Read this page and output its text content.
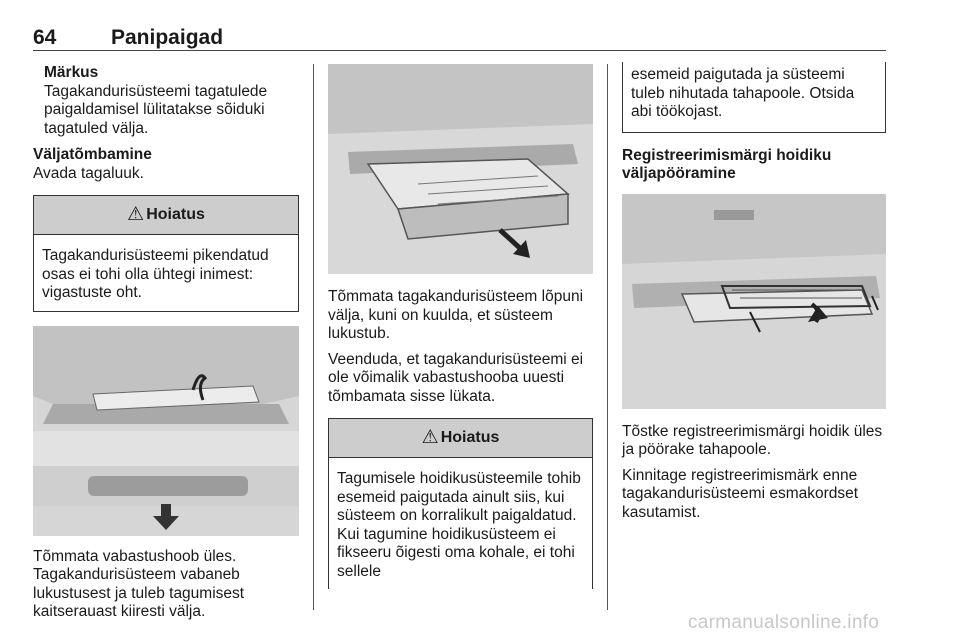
64	Panipaigad
Märkus
Tagakandurisüsteemi tagatulede paigaldamisel lülitatakse sõiduki tagatuled välja.

Väljatõmbamine

Avada tagaluuk.

⚠ Hoiatus
Tagakandurisüsteemi pikendatud osas ei tohi olla ühtegi inimest: vigastuste oht.

Tõmmata vabastushoob üles. Tagakandurisüsteem vabaneb lukustusest ja tuleb tagumisest kaitserauast kiiresti välja.

Tõmmata tagakandurisüsteem lõpuni välja, kuni on kuulda, et süsteem lukustub.

Veenduda, et tagakandurisüsteemi ei ole võimalik vabastushooba uuesti tõmbamata sisse lükata.

⚠ Hoiatus
Tagumisele hoidikusüsteemile tohib esemeid paigutada ainult siis, kui süsteem on korralikult paigaldatud. Kui tagumine hoidikusüsteem ei fikseeru õigesti oma kohale, ei tohi sellele
esemeid paigutada ja süsteemi tuleb nihutada tahapoole. Otsida abi töökojast.

Registreerimismärgi hoidiku väljapööramine

Tõstke registreerimismärgi hoidik üles ja pöörake tahapoole.

Kinnitage registreerimismärk enne tagakandurisüsteemi esmakordset kasutamist.

carmanualsonline.info
